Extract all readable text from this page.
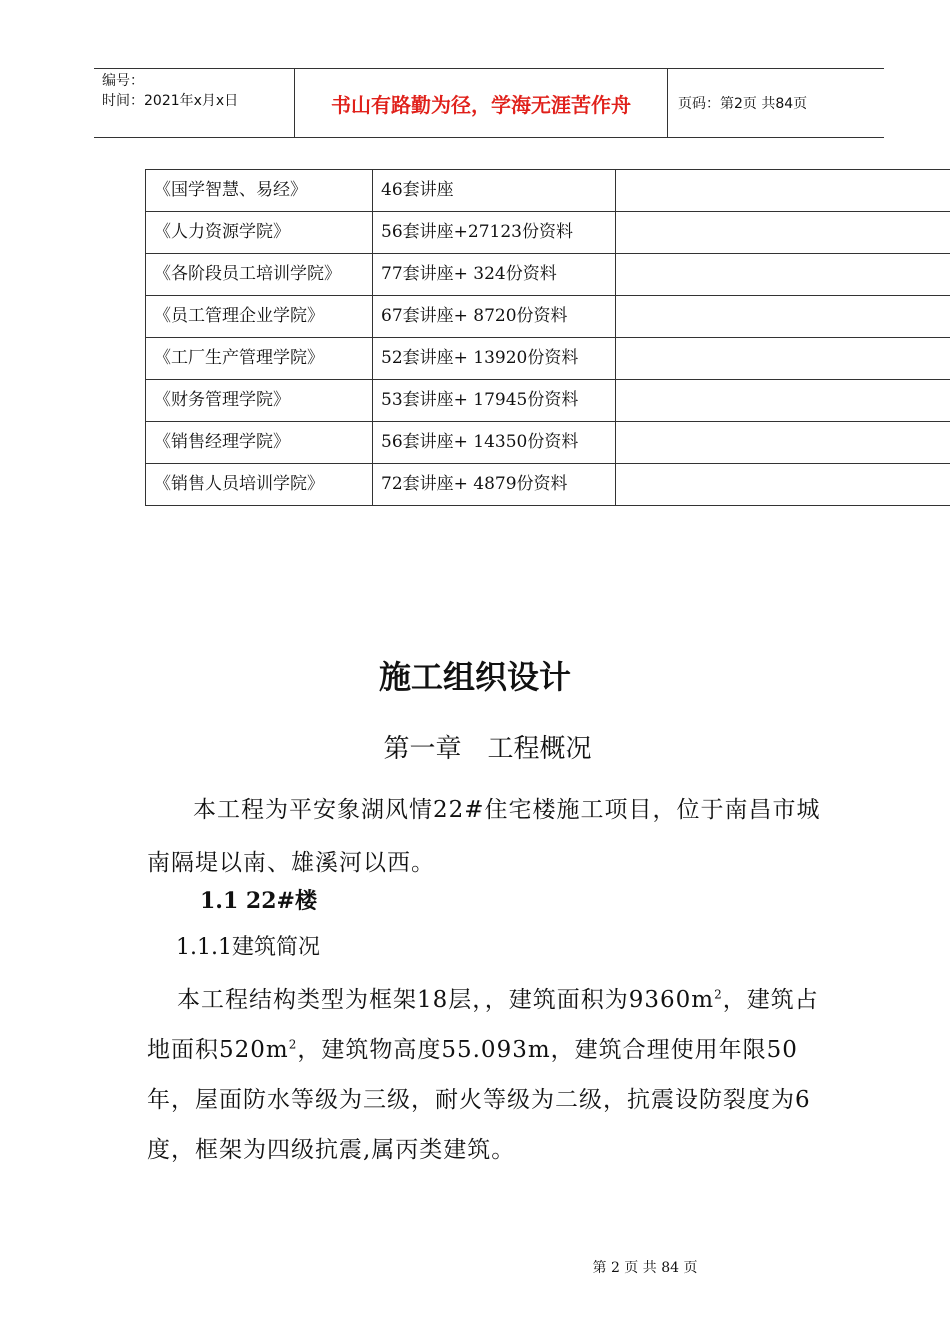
编号：
时间：2021年x月x日	书山有路勤为径，学海无涯苦作舟	页码：第2页 共84页
《国学智慧、易经》	46套讲座	
《人力资源学院》	56套讲座+27123份资料	
《各阶段员工培训学院》	77套讲座+ 324份资料	
《员工管理企业学院》	67套讲座+ 8720份资料	
《工厂生产管理学院》	52套讲座+ 13920份资料	
《财务管理学院》	53套讲座+ 17945份资料	
《销售经理学院》	56套讲座+ 14350份资料	
《销售人员培训学院》	72套讲座+ 4879份资料	
施工组织设计
第一章　工程概况
本工程为平安象湖风情22#住宅楼施工项目，位于南昌市城南隔堤以南、雄溪河以西。
1.1 22#楼
1.1.1建筑简况
本工程结构类型为框架18层，，建筑面积为$9360m^2$，建筑占地面积$520m^2$，建筑物高度55.093m，建筑合理使用年限50年，屋面防水等级为三级，耐火等级为二级，抗震设防裂度为6度，框架为四级抗震,属丙类建筑。
第 2 页 共 84 页
